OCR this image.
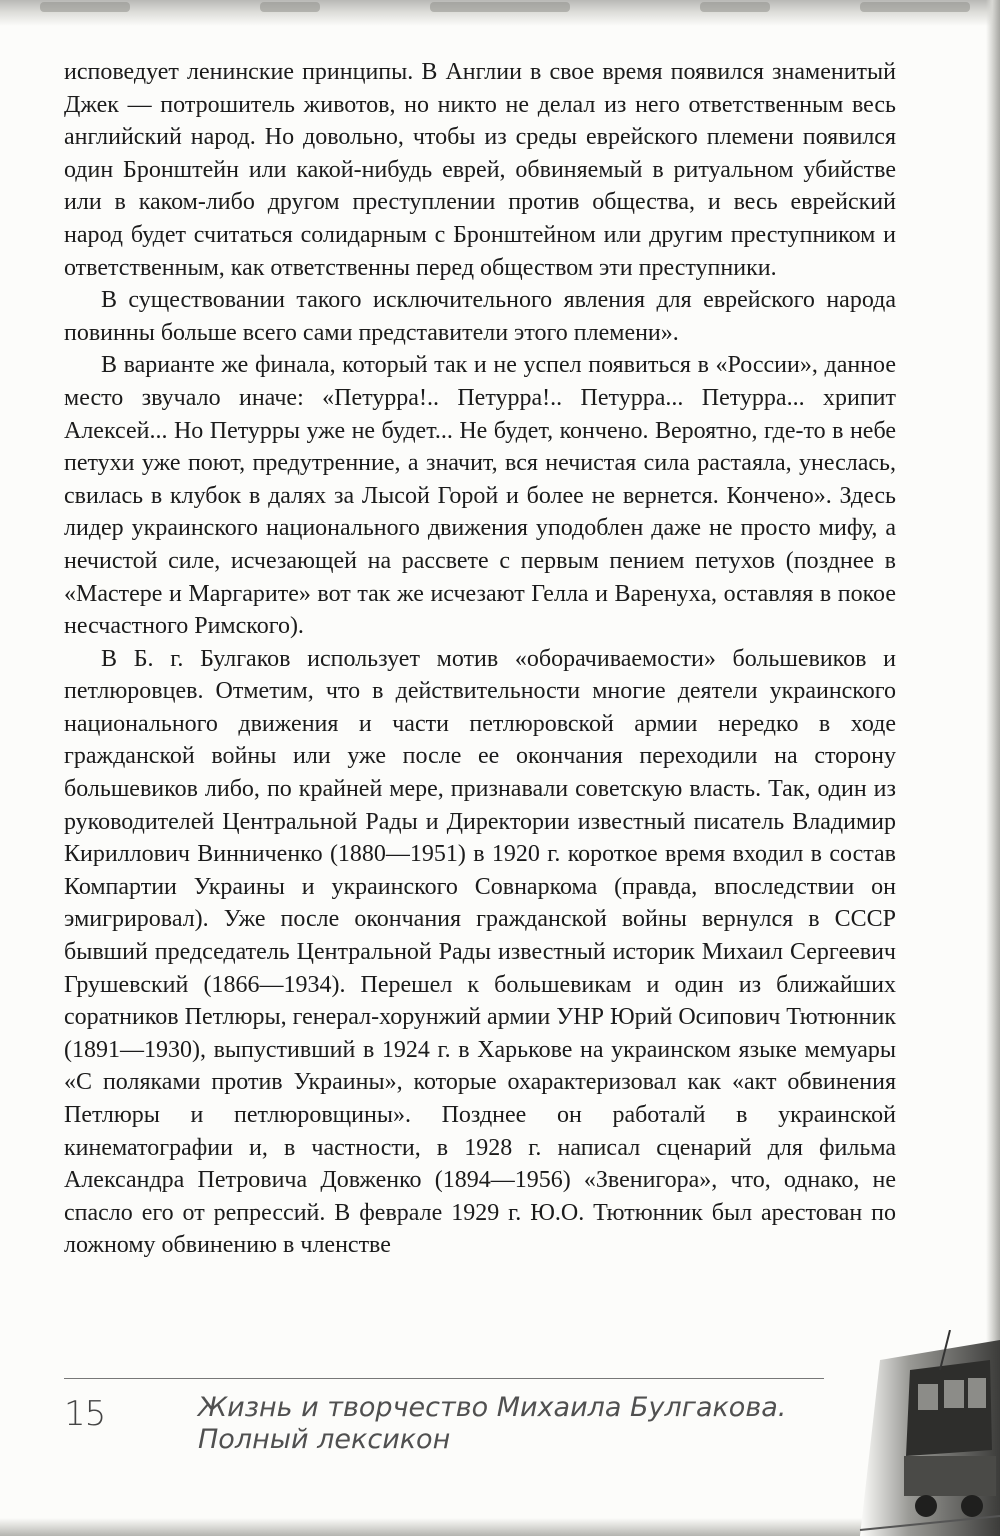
исповедует ленинские принципы. В Англии в свое время появился знаменитый Джек — потрошитель животов, но никто не делал из него ответственным весь английский народ. Но довольно, чтобы из среды еврейского племени появился один Бронштейн или какой-нибудь еврей, обвиняемый в ритуальном убийстве или в каком-либо другом преступлении против общества, и весь еврейский народ будет считаться солидарным с Бронштейном или другим преступником и ответственным, как ответственны перед обществом эти преступники.

В существовании такого исключительного явления для еврейского народа повинны больше всего сами представители этого племени».

В варианте же финала, который так и не успел появиться в «России», данное место звучало иначе: «Петурра!.. Петурра!.. Петурра... Петурра... хрипит Алексей... Но Петурры уже не будет... Не будет, кончено. Вероятно, где-то в небе петухи уже поют, предутренние, а значит, вся нечистая сила растаяла, унеслась, свилась в клубок в далях за Лысой Горой и более не вернется. Кончено». Здесь лидер украинского национального движения уподоблен даже не просто мифу, а нечистой силе, исчезающей на рассвете с первым пением петухов (позднее в «Мастере и Маргарите» вот так же исчезают Гелла и Варенуха, оставляя в покое несчастного Римского).

В Б. г. Булгаков использует мотив «оборачиваемости» большевиков и петлюровцев. Отметим, что в действительности многие деятели украинского национального движения и части петлюровской армии нередко в ходе гражданской войны или уже после ее окончания переходили на сторону большевиков либо, по крайней мере, признавали советскую власть. Так, один из руководителей Центральной Рады и Директории известный писатель Владимир Кириллович Винниченко (1880—1951) в 1920 г. короткое время входил в состав Компартии Украины и украинского Совнаркома (правда, впоследствии он эмигрировал). Уже после окончания гражданской войны вернулся в СССР бывший председатель Центральной Рады известный историк Михаил Сергеевич Грушевский (1866—1934). Перешел к большевикам и один из ближайших соратников Петлюры, генерал-хорунжий армии УНР Юрий Осипович Тютюнник (1891—1930), выпустивший в 1924 г. в Харькове на украинском языке мемуары «С поляками против Украины», которые охарактеризовал как «акт обвинения Петлюры и петлюровщины». Позднее он работалй в украинской кинематографии и, в частности, в 1928 г. написал сценарий для фильма Александра Петровича Довженко (1894—1956) «Звенигора», что, однако, не спасло его от репрессий. В феврале 1929 г. Ю.О. Тютюнник был арестован по ложному обвинению в членстве

15	Жизнь и творчество Михаила Булгакова.
Полный лексикон
